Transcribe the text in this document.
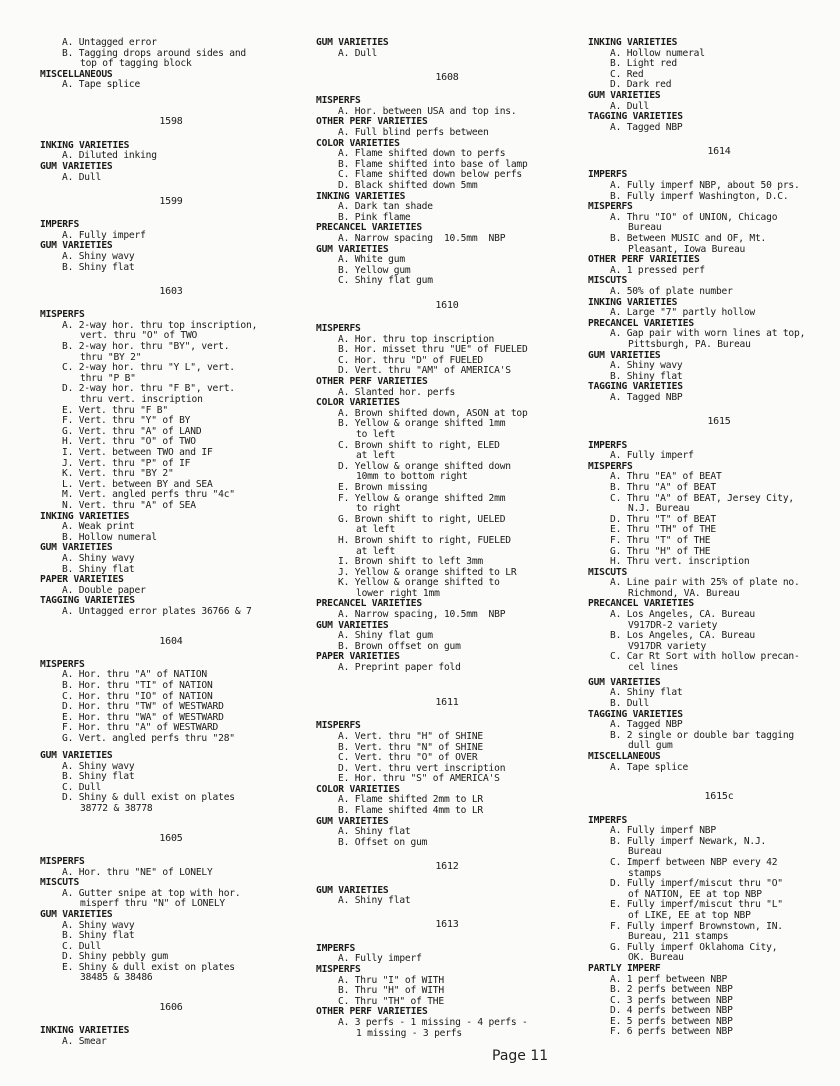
A. Untagged error
B. Tagging drops around sides and
top of tagging block
MISCELLANEOUS
A. Tape splice
1598
INKING VARIETIES
A. Diluted inking
GUM VARIETIES
A. Dull
1599
IMPERFS
A. Fully imperf
GUM VARIETIES
A. Shiny wavy
B. Shiny flat
1603
MISPERFS
A. 2-way hor. thru top inscription,
vert. thru "O" of TWO
B. 2-way hor. thru "BY", vert.
thru "BY 2"
C. 2-way hor. thru "Y L", vert.
thru "P B"
D. 2-way hor. thru "F B", vert.
thru vert. inscription
E. Vert. thru "F B"
F. Vert. thru "Y" of BY
G. Vert. thru "A" of LAND
H. Vert. thru "O" of TWO
I. Vert. between TWO and IF
J. Vert. thru "P" of IF
K. Vert. thru "BY 2"
L. Vert. between BY and SEA
M. Vert. angled perfs thru "4c"
N. Vert. thru "A" of SEA
INKING VARIETIES
A. Weak print
B. Hollow numeral
GUM VARIETIES
A. Shiny wavy
B. Shiny flat
PAPER VARIETIES
A. Double paper
TAGGING VARIETIES
A. Untagged error plates 36766 & 7
1604
MISPERFS
A. Hor. thru "A" of NATION
B. Hor. thru "TI" of NATION
C. Hor. thru "IO" of NATION
D. Hor. thru "TW" of WESTWARD
E. Hor. thru "WA" of WESTWARD
F. Hor. thru "A" of WESTWARD
G. Vert. angled perfs thru "28"
GUM VARIETIES
A. Shiny wavy
B. Shiny flat
C. Dull
D. Shiny & dull exist on plates
38772 & 38778
1605
MISPERFS
A. Hor. thru "NE" of LONELY
MISCUTS
A. Gutter snipe at top with hor.
misperf thru "N" of LONELY
GUM VARIETIES
A. Shiny wavy
B. Shiny flat
C. Dull
D. Shiny pebbly gum
E. Shiny & dull exist on plates
38485 & 38486
1606
INKING VARIETIES
A. Smear
GUM VARIETIES
A. Dull
1608
MISPERFS
A. Hor. between USA and top ins.
OTHER PERF VARIETIES
A. Full blind perfs between
COLOR VARIETIES
A. Flame shifted down to perfs
B. Flame shifted into base of lamp
C. Flame shifted down below perfs
D. Black shifted down 5mm
INKING VARIETIES
A. Dark tan shade
B. Pink flame
PRECANCEL VARIETIES
A. Narrow spacing  10.5mm  NBP
GUM VARIETIES
A. White gum
B. Yellow gum
C. Shiny flat gum
1610
MISPERFS
A. Hor. thru top inscription
B. Hor. misset thru "UE" of FUELED
C. Hor. thru "D" of FUELED
D. Vert. thru "AM" of AMERICA'S
OTHER PERF VARIETIES
A. Slanted hor. perfs
COLOR VARIETIES
A. Brown shifted down, ASON at top
B. Yellow & orange shifted 1mm
to left
C. Brown shift to right, ELED
at left
D. Yellow & orange shifted down
10mm to bottom right
E. Brown missing
F. Yellow & orange shifted 2mm
to right
G. Brown shift to right, UELED
at left
H. Brown shift to right, FUELED
at left
I. Brown shift to left 3mm
J. Yellow & orange shifted to LR
K. Yellow & orange shifted to
lower right 1mm
PRECANCEL VARIETIES
A. Narrow spacing, 10.5mm  NBP
GUM VARIETIES
A. Shiny flat gum
B. Brown offset on gum
PAPER VARIETIES
A. Preprint paper fold
1611
MISPERFS
A. Vert. thru "H" of SHINE
B. Vert. thru "N" of SHINE
C. Vert. thru "O" of OVER
D. Vert. thru vert inscription
E. Hor. thru "S" of AMERICA'S
COLOR VARIETIES
A. Flame shifted 2mm to LR
B. Flame shifted 4mm to LR
GUM VARIETIES
A. Shiny flat
B. Offset on gum
1612
GUM VARIETIES
A. Shiny flat
1613
IMPERFS
A. Fully imperf
MISPERFS
A. Thru "I" of WITH
B. Thru "H" of WITH
C. Thru "TH" of THE
OTHER PERF VARIETIES
A. 3 perfs - 1 missing - 4 perfs -
1 missing - 3 perfs
INKING VARIETIES
A. Hollow numeral
B. Light red
C. Red
D. Dark red
GUM VARIETIES
A. Dull
TAGGING VARIETIES
A. Tagged NBP
1614
IMPERFS
A. Fully imperf NBP, about 50 prs.
B. Fully imperf Washington, D.C.
MISPERFS
A. Thru "IO" of UNION, Chicago
Bureau
B. Between MUSIC and OF, Mt.
Pleasant, Iowa Bureau
OTHER PERF VARIETIES
A. 1 pressed perf
MISCUTS
A. 50% of plate number
INKING VARIETIES
A. Large "7" partly hollow
PRECANCEL VARIETIES
A. Gap pair with worn lines at top,
Pittsburgh, PA. Bureau
GUM VARIETIES
A. Shiny wavy
B. Shiny flat
TAGGING VARIETIES
A. Tagged NBP
1615
IMPERFS
A. Fully imperf
MISPERFS
A. Thru "EA" of BEAT
B. Thru "A" of BEAT
C. Thru "A" of BEAT, Jersey City,
N.J. Bureau
D. Thru "T" of BEAT
E. Thru "TH" of THE
F. Thru "T" of THE
G. Thru "H" of THE
H. Thru vert. inscription
MISCUTS
A. Line pair with 25% of plate no.
Richmond, VA. Bureau
PRECANCEL VARIETIES
A. Los Angeles, CA. Bureau
V917DR-2 variety
B. Los Angeles, CA. Bureau
V917DR variety
C. Car Rt Sort with hollow precan-
cel lines
GUM VARIETIES
A. Shiny flat
B. Dull
TAGGING VARIETIES
A. Tagged NBP
B. 2 single or double bar tagging
dull gum
MISCELLANEOUS
A. Tape splice
1615c
IMPERFS
A. Fully imperf NBP
B. Fully imperf Newark, N.J.
Bureau
C. Imperf between NBP every 42
stamps
D. Fully imperf/miscut thru "O"
of NATION, EE at top NBP
E. Fully imperf/miscut thru "L"
of LIKE, EE at top NBP
F. Fully imperf Brownstown, IN.
Bureau, 211 stamps
G. Fully imperf Oklahoma City,
OK. Bureau
PARTLY IMPERF
A. 1 perf between NBP
B. 2 perfs between NBP
C. 3 perfs between NBP
D. 4 perfs between NBP
E. 5 perfs between NBP
F. 6 perfs between NBP
Page 11
